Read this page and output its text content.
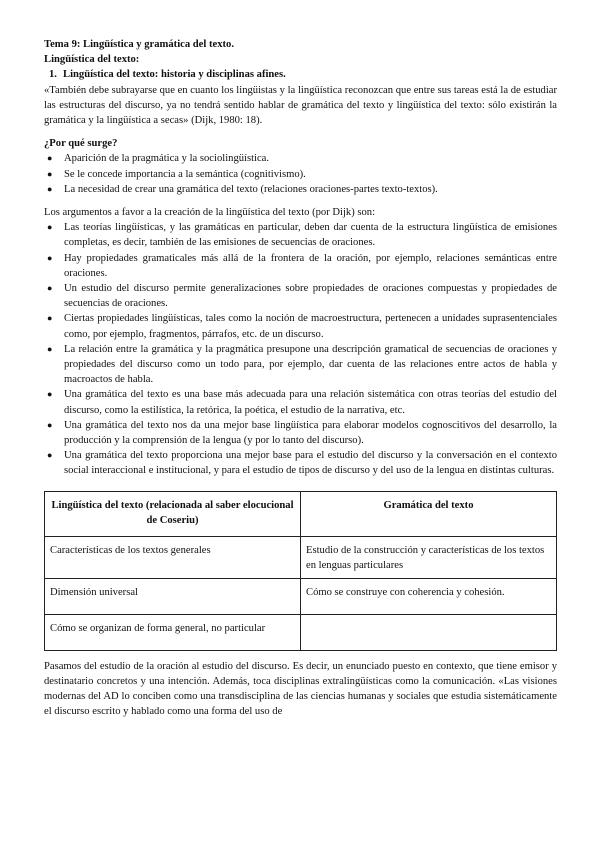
Tema 9: Lingüística y gramática del texto.

Lingüística del texto:

1. Lingüística del texto: historia y disciplinas afines.

«También debe subrayarse que en cuanto los lingüistas y la lingüística reconozcan que entre sus tareas está la de estudiar las estructuras del discurso, ya no tendrá sentido hablar de gramática del texto y lingüística del texto: sólo existirán la gramática y la lingüística a secas» (Dijk, 1980: 18).

¿Por qué surge?

● Aparición de la pragmática y la sociolingüística.
● Se le concede importancia a la semántica (cognitivismo).
● La necesidad de crear una gramática del texto (relaciones oraciones-partes texto-textos).

Los argumentos a favor a la creación de la lingüística del texto (por Dijk) son:

● Las teorías lingüísticas, y las gramáticas en particular, deben dar cuenta de la estructura lingüística de emisiones completas, es decir, también de las emisiones de secuencias de oraciones.
● Hay propiedades gramaticales más allá de la frontera de la oración, por ejemplo, relaciones semánticas entre oraciones.
● Un estudio del discurso permite generalizaciones sobre propiedades de oraciones compuestas y propiedades de secuencias de oraciones.
● Ciertas propiedades lingüísticas, tales como la noción de macroestructura, pertenecen a unidades suprasentenciales como, por ejemplo, fragmentos, párrafos, etc. de un discurso.
● La relación entre la gramática y la pragmática presupone una descripción gramatical de secuencias de oraciones y propiedades del discurso como un todo para, por ejemplo, dar cuenta de las relaciones entre actos de habla y macroactos de habla.
● Una gramática del texto es una base más adecuada para una relación sistemática con otras teorías del estudio del discurso, como la estilística, la retórica, la poética, el estudio de la narrativa, etc.
● Una gramática del texto nos da una mejor base lingüística para elaborar modelos cognoscitivos del desarrollo, la producción y la comprensión de la lengua (y por lo tanto del discurso).
● Una gramática del texto proporciona una mejor base para el estudio del discurso y la conversación en el contexto social interaccional e institucional, y para el estudio de tipos de discurso y del uso de la lengua en distintas culturas.
Lingüística del texto (relacionada al saber elocucional de Coseriu)	Gramática del texto
Características de los textos generales	Estudio de la construcción y características de los textos en lenguas particulares
Dimensión universal	Cómo se construye con coherencia y cohesión.
Cómo se organizan de forma general, no particular	

Pasamos del estudio de la oración al estudio del discurso. Es decir, un enunciado puesto en contexto, que tiene emisor y destinatario concretos y una intención. Además, toca disciplinas extralingüísticas como la comunicación. «Las visiones modernas del AD lo conciben como una transdisciplina de las ciencias humanas y sociales que estudia sistemáticamente el discurso escrito y hablado como una forma del uso de
